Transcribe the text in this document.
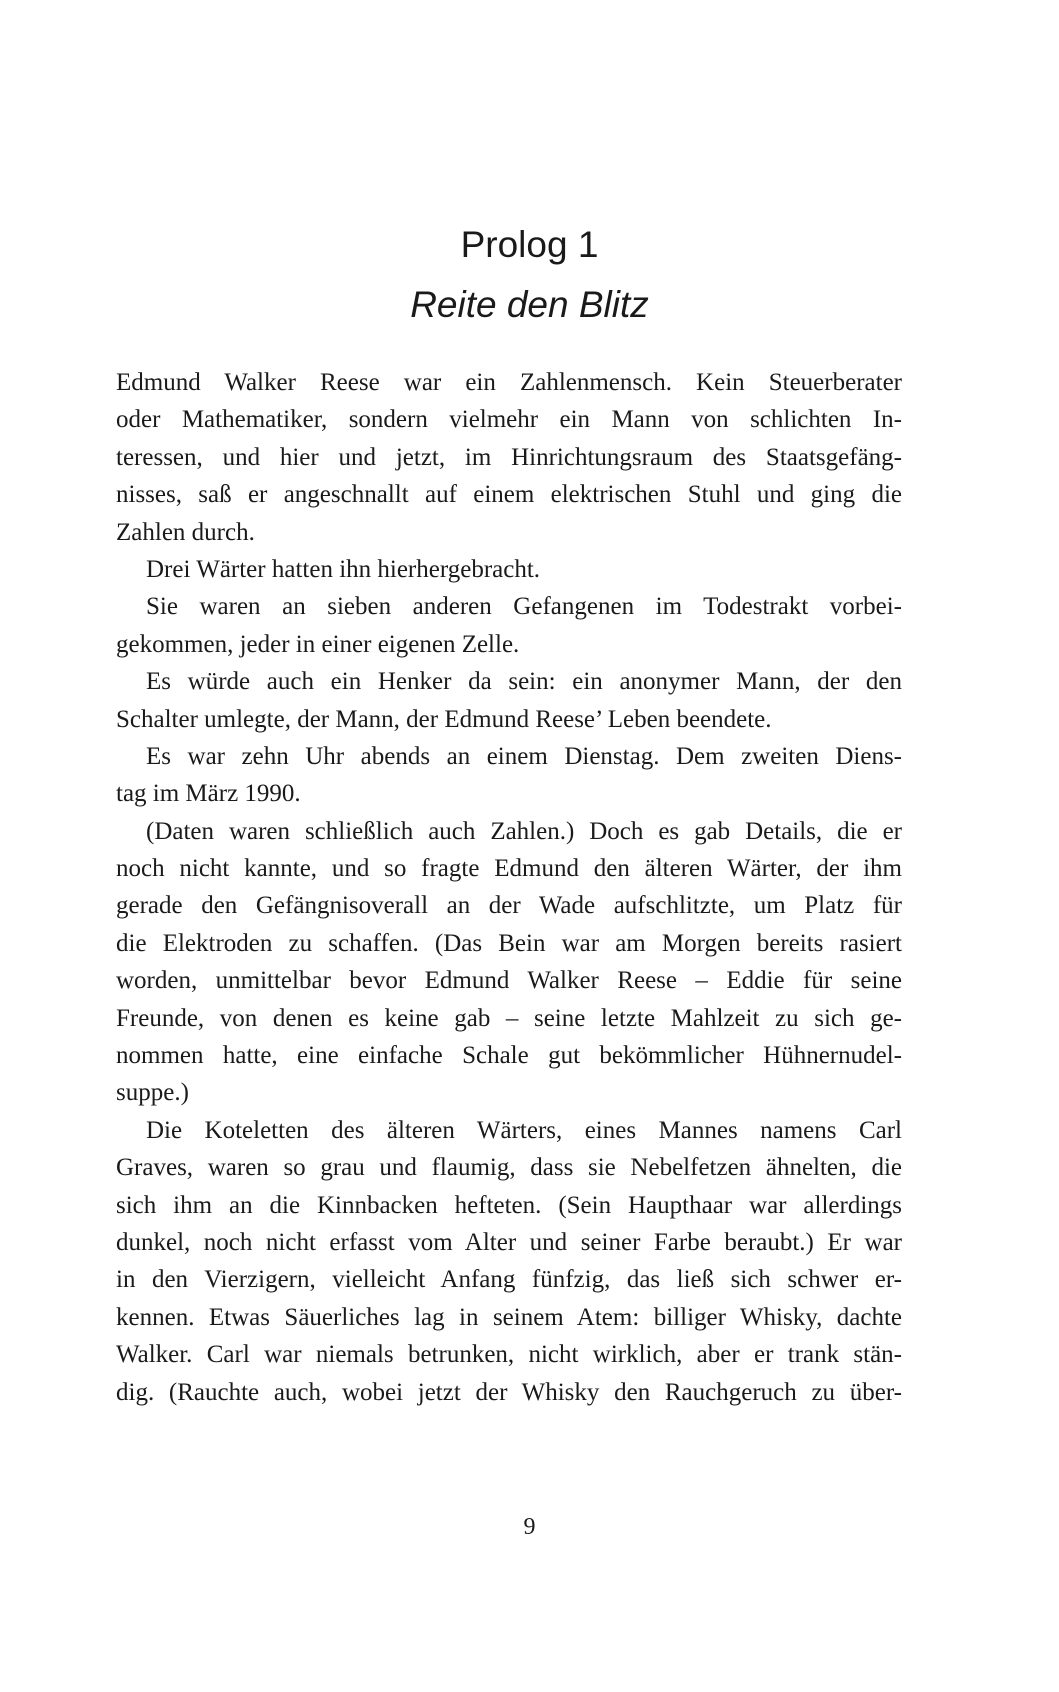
Prolog 1
Reite den Blitz
Edmund Walker Reese war ein Zahlenmensch. Kein Steuerberater
oder Mathematiker, sondern vielmehr ein Mann von schlichten In-
teressen, und hier und jetzt, im Hinrichtungsraum des Staatsgefäng-
nisses, saß er angeschnallt auf einem elektrischen Stuhl und ging die
Zahlen durch.
Drei Wärter hatten ihn hierhergebracht.
Sie waren an sieben anderen Gefangenen im Todestrakt vorbei-
gekommen, jeder in einer eigenen Zelle.
Es würde auch ein Henker da sein: ein anonymer Mann, der den
Schalter umlegte, der Mann, der Edmund Reese’ Leben beendete.
Es war zehn Uhr abends an einem Dienstag. Dem zweiten Diens-
tag im März 1990.
(Daten waren schließlich auch Zahlen.) Doch es gab Details, die er
noch nicht kannte, und so fragte Edmund den älteren Wärter, der ihm
gerade den Gefängnisoverall an der Wade aufschlitzte, um Platz für
die Elektroden zu schaffen. (Das Bein war am Morgen bereits rasiert
worden, unmittelbar bevor Edmund Walker Reese – Eddie für seine
Freunde, von denen es keine gab – seine letzte Mahlzeit zu sich ge-
nommen hatte, eine einfache Schale gut bekömmlicher Hühnernudel-
suppe.)
Die Koteletten des älteren Wärters, eines Mannes namens Carl
Graves, waren so grau und flaumig, dass sie Nebelfetzen ähnelten, die
sich ihm an die Kinnbacken hefteten. (Sein Haupthaar war allerdings
dunkel, noch nicht erfasst vom Alter und seiner Farbe beraubt.) Er war
in den Vierzigern, vielleicht Anfang fünfzig, das ließ sich schwer er-
kennen. Etwas Säuerliches lag in seinem Atem: billiger Whisky, dachte
Walker. Carl war niemals betrunken, nicht wirklich, aber er trank stän-
dig. (Rauchte auch, wobei jetzt der Whisky den Rauchgeruch zu über-
9
